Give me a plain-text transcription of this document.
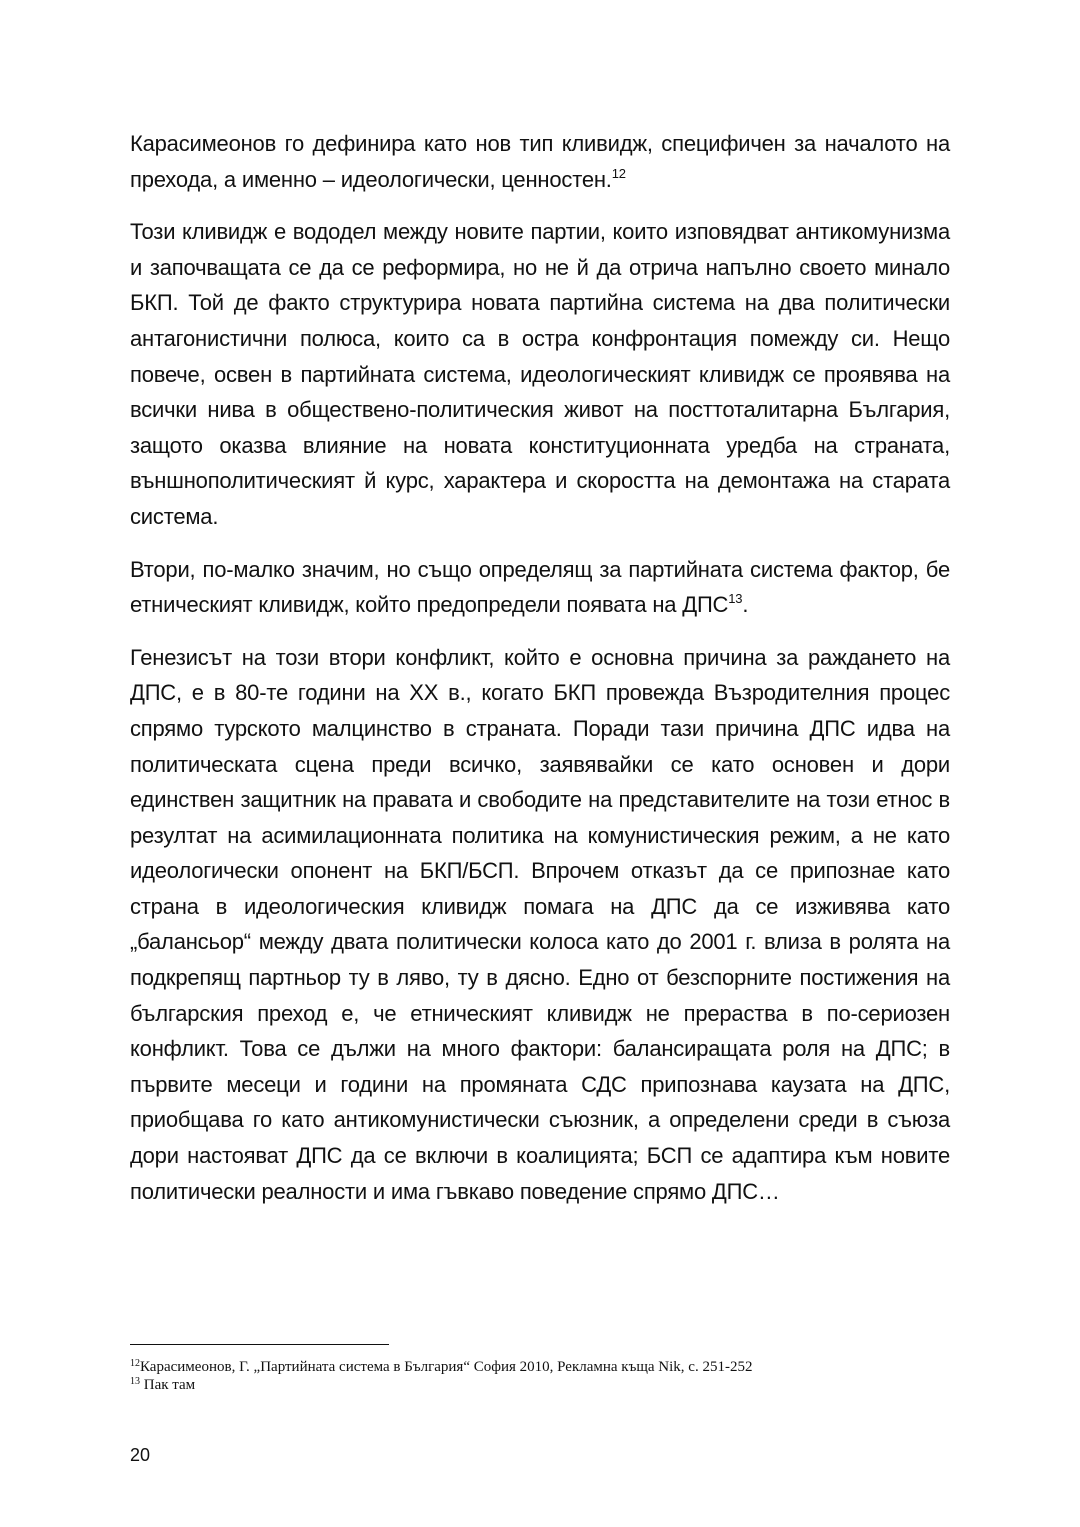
Карасимеонов го дефинира като нов тип кливидж, специфичен за началото на прехода, а именно – идеологически, ценностен.$^{12}$

Този кливидж е вододел между новите партии, които изповядват антикомунизма и започващата се да се реформира, но не й да отрича напълно своето минало БКП. Той де факто структурира новата партийна система на два политически антагонистични полюса, които са в остра конфронтация помежду си. Нещо повече, освен в партийната система, идеологическият кливидж се проявява на всички нива в обществено-политическия живот на посттоталитарна България, защото оказва влияние на новата конституционната уредба на страната, външнополитическият й курс, характера и скоростта на демонтажа на старата система.

Втори, по-малко значим, но също определящ за партийната система фактор, бе етническият кливидж, който предопредели появата на ДПС$^{13}$.

Генезисът на този втори конфликт, който е основна причина за раждането на ДПС, е в 80-те години на XX в., когато БКП провежда Възродителния процес спрямо турското малцинство в страната. Поради тази причина ДПС идва на политическата сцена преди всичко, заявявайки се като основен и дори единствен защитник на правата и свободите на представителите на този етнос в резултат на асимилационната политика на комунистическия режим, а не като идеологически опонент на БКП/БСП. Впрочем отказът да се припознае като страна в идеологическия кливидж помага на ДПС да се изживява като „балансьор“ между двата политически колоса като до 2001 г. влиза в ролята на подкрепящ партньор ту в ляво, ту в дясно. Едно от безспорните постижения на българския преход е, че етническият кливидж не прераства в по-сериозен конфликт. Това се дължи на много фактори: балансиращата роля на ДПС; в първите месеци и години на промяната СДС припознава каузата на ДПС, приобщава го като антикомунистически съюзник, а определени среди в съюза дори настояват ДПС да се включи в коалицията; БСП се адаптира към новите политически реалности и има гъвкаво поведение спрямо ДПС…

$^{12}$Карасимеонов, Г. „Партийната система в България“ София 2010, Рекламна къща Nik, с. 251-252

$^{13}$ Пак там

20
